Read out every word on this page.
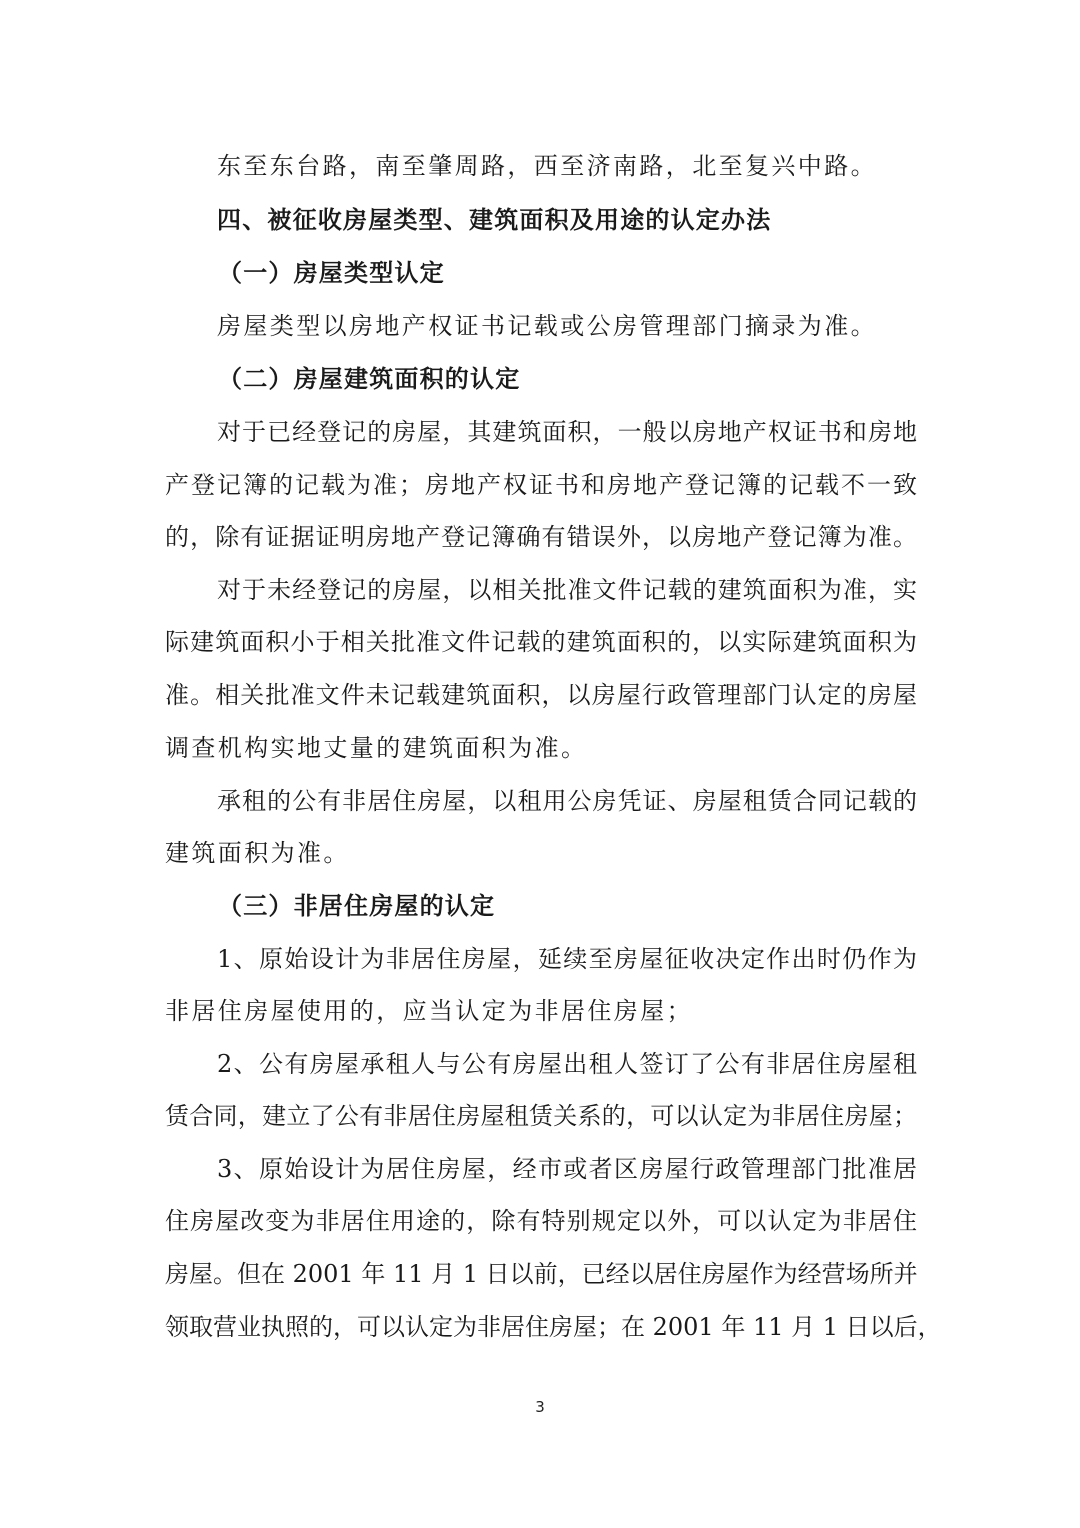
东至东台路，南至肇周路，西至济南路，北至复兴中路。
四、被征收房屋类型、建筑面积及用途的认定办法
（一）房屋类型认定
房屋类型以房地产权证书记载或公房管理部门摘录为准。
（二）房屋建筑面积的认定
对于已经登记的房屋，其建筑面积，一般以房地产权证书和房地
产登记簿的记载为准；房地产权证书和房地产登记簿的记载不一致
的，除有证据证明房地产登记簿确有错误外，以房地产登记簿为准。
对于未经登记的房屋，以相关批准文件记载的建筑面积为准，实
际建筑面积小于相关批准文件记载的建筑面积的，以实际建筑面积为
准。相关批准文件未记载建筑面积，以房屋行政管理部门认定的房屋
调查机构实地丈量的建筑面积为准。
承租的公有非居住房屋，以租用公房凭证、房屋租赁合同记载的
建筑面积为准。
（三）非居住房屋的认定
1、原始设计为非居住房屋，延续至房屋征收决定作出时仍作为
非居住房屋使用的，应当认定为非居住房屋；
2、公有房屋承租人与公有房屋出租人签订了公有非居住房屋租
赁合同，建立了公有非居住房屋租赁关系的，可以认定为非居住房屋；
3、原始设计为居住房屋，经市或者区房屋行政管理部门批准居
住房屋改变为非居住用途的，除有特别规定以外，可以认定为非居住
房屋。但在 2001 年 11 月 1 日以前，已经以居住房屋作为经营场所并
领取营业执照的，可以认定为非居住房屋；在 2001 年 11 月 1 日以后，
3
